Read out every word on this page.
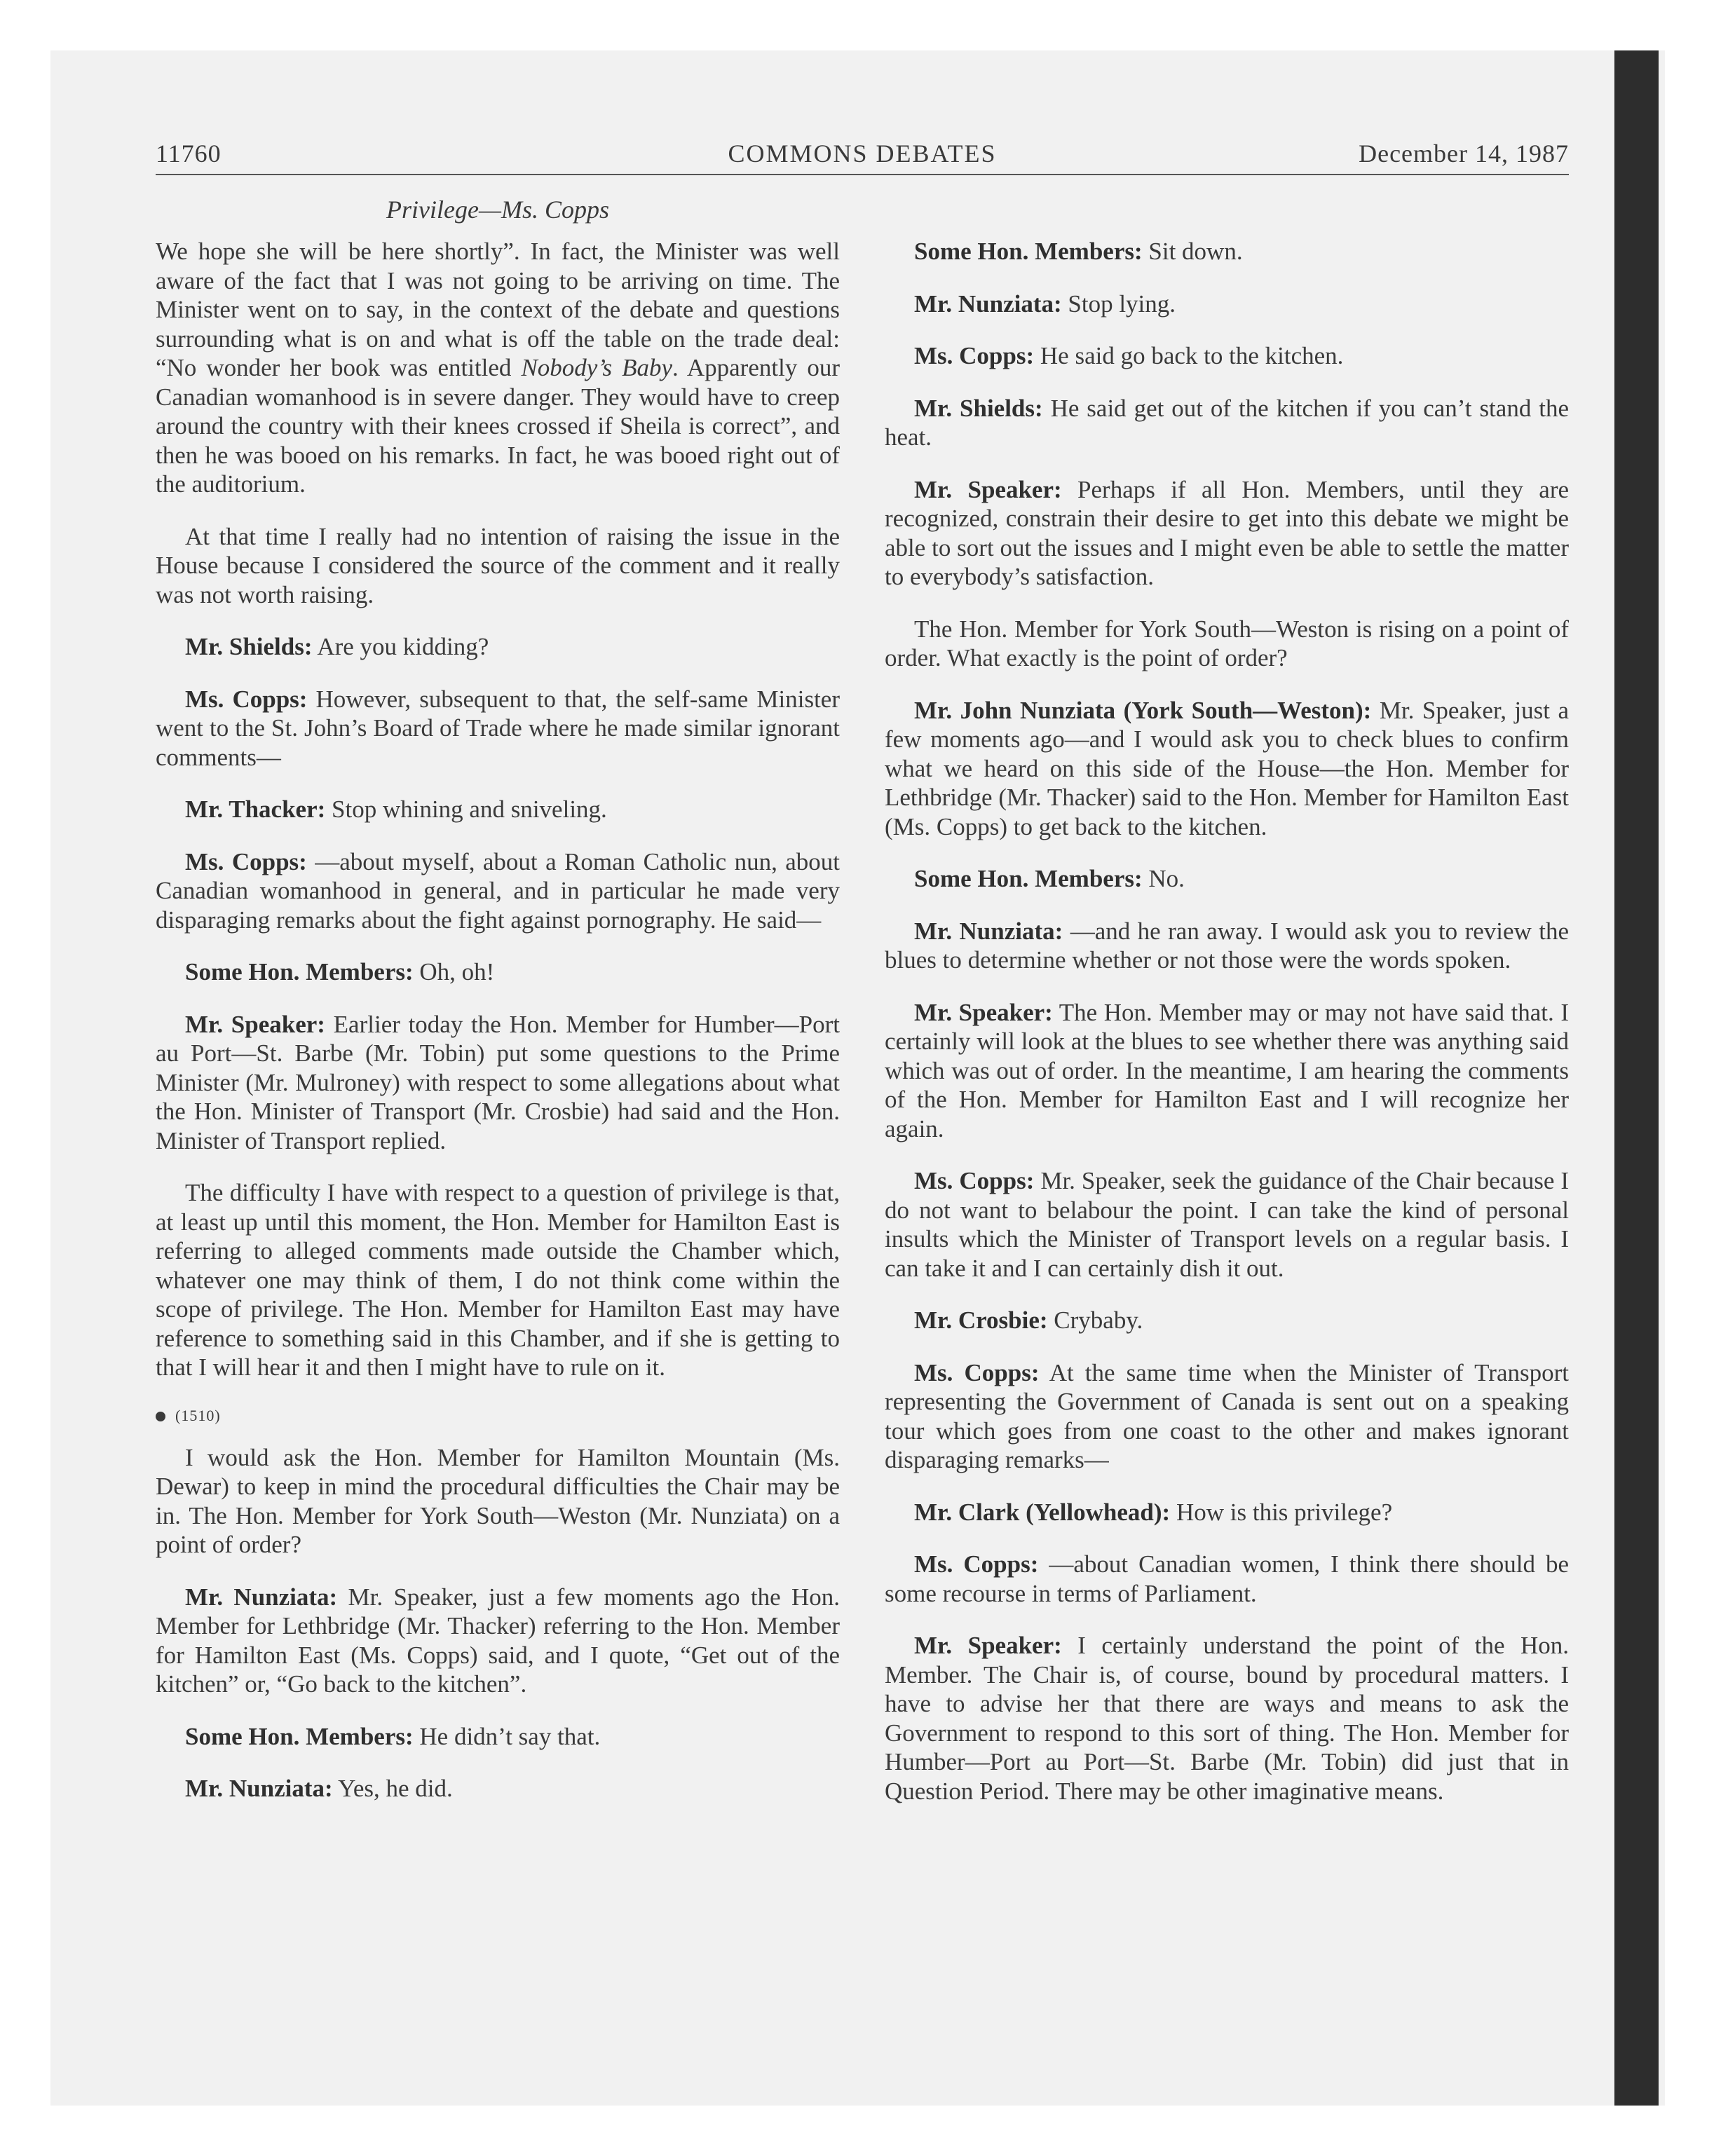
11760	COMMONS DEBATES	December 14, 1987
Privilege—Ms. Copps

We hope she will be here shortly”. In fact, the Minister was well aware of the fact that I was not going to be arriving on time. The Minister went on to say, in the context of the debate and questions surrounding what is on and what is off the table on the trade deal: “No wonder her book was entitled Nobody’s Baby. Apparently our Canadian womanhood is in severe danger. They would have to creep around the country with their knees crossed if Sheila is correct”, and then he was booed on his remarks. In fact, he was booed right out of the auditorium.

At that time I really had no intention of raising the issue in the House because I considered the source of the comment and it really was not worth raising.

Mr. Shields: Are you kidding?

Ms. Copps: However, subsequent to that, the self-same Minister went to the St. John’s Board of Trade where he made similar ignorant comments—

Mr. Thacker: Stop whining and sniveling.

Ms. Copps: —about myself, about a Roman Catholic nun, about Canadian womanhood in general, and in particular he made very disparaging remarks about the fight against pornography. He said—

Some Hon. Members: Oh, oh!

Mr. Speaker: Earlier today the Hon. Member for Humber—Port au Port—St. Barbe (Mr. Tobin) put some questions to the Prime Minister (Mr. Mulroney) with respect to some allegations about what the Hon. Minister of Transport (Mr. Crosbie) had said and the Hon. Minister of Transport replied.

The difficulty I have with respect to a question of privilege is that, at least up until this moment, the Hon. Member for Hamilton East is referring to alleged comments made outside the Chamber which, whatever one may think of them, I do not think come within the scope of privilege. The Hon. Member for Hamilton East may have reference to something said in this Chamber, and if she is getting to that I will hear it and then I might have to rule on it.

(1510)

I would ask the Hon. Member for Hamilton Mountain (Ms. Dewar) to keep in mind the procedural difficulties the Chair may be in. The Hon. Member for York South—Weston (Mr. Nunziata) on a point of order?

Mr. Nunziata: Mr. Speaker, just a few moments ago the Hon. Member for Lethbridge (Mr. Thacker) referring to the Hon. Member for Hamilton East (Ms. Copps) said, and I quote, “Get out of the kitchen” or, “Go back to the kitchen”.

Some Hon. Members: He didn’t say that.

Mr. Nunziata: Yes, he did.

Some Hon. Members: Sit down.

Mr. Nunziata: Stop lying.

Ms. Copps: He said go back to the kitchen.

Mr. Shields: He said get out of the kitchen if you can’t stand the heat.

Mr. Speaker: Perhaps if all Hon. Members, until they are recognized, constrain their desire to get into this debate we might be able to sort out the issues and I might even be able to settle the matter to everybody’s satisfaction.

The Hon. Member for York South—Weston is rising on a point of order. What exactly is the point of order?

Mr. John Nunziata (York South—Weston): Mr. Speaker, just a few moments ago—and I would ask you to check blues to confirm what we heard on this side of the House—the Hon. Member for Lethbridge (Mr. Thacker) said to the Hon. Member for Hamilton East (Ms. Copps) to get back to the kitchen.

Some Hon. Members: No.

Mr. Nunziata: —and he ran away. I would ask you to review the blues to determine whether or not those were the words spoken.

Mr. Speaker: The Hon. Member may or may not have said that. I certainly will look at the blues to see whether there was anything said which was out of order. In the meantime, I am hearing the comments of the Hon. Member for Hamilton East and I will recognize her again.

Ms. Copps: Mr. Speaker, seek the guidance of the Chair because I do not want to belabour the point. I can take the kind of personal insults which the Minister of Transport levels on a regular basis. I can take it and I can certainly dish it out.

Mr. Crosbie: Crybaby.

Ms. Copps: At the same time when the Minister of Transport representing the Government of Canada is sent out on a speaking tour which goes from one coast to the other and makes ignorant disparaging remarks—

Mr. Clark (Yellowhead): How is this privilege?

Ms. Copps: —about Canadian women, I think there should be some recourse in terms of Parliament.

Mr. Speaker: I certainly understand the point of the Hon. Member. The Chair is, of course, bound by procedural matters. I have to advise her that there are ways and means to ask the Government to respond to this sort of thing. The Hon. Member for Humber—Port au Port—St. Barbe (Mr. Tobin) did just that in Question Period. There may be other imaginative means.
